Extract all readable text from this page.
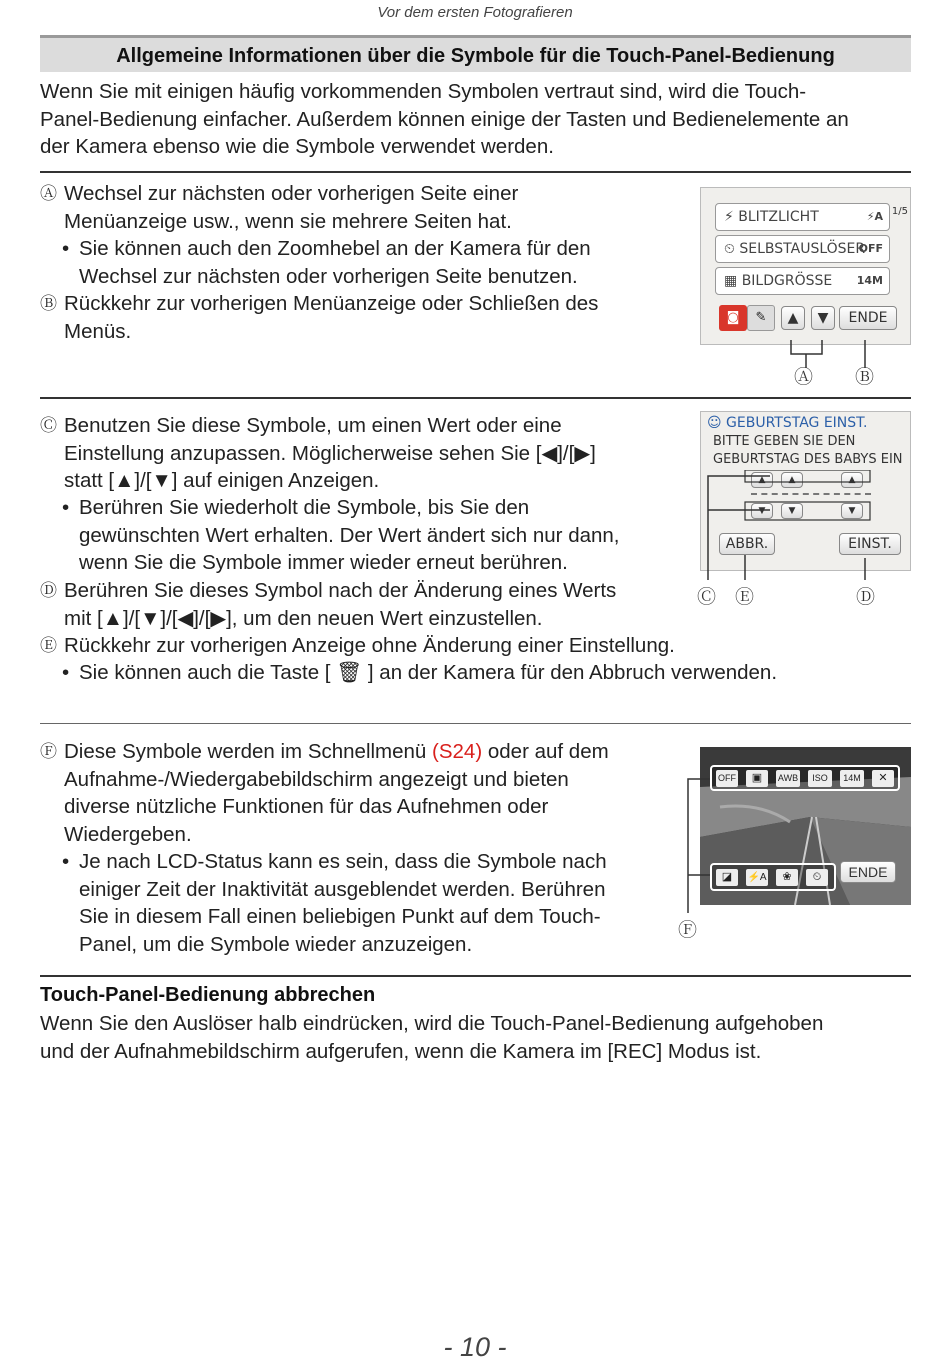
Vor dem ersten Fotografieren
Allgemeine Informationen über die Symbole für die Touch-Panel-Bedienung
Wenn Sie mit einigen häufig vorkommenden Symbolen vertraut sind, wird die Touch-
Panel-Bedienung einfacher. Außerdem können einige der Tasten und Bedienelemente an
der Kamera ebenso wie die Symbole verwendet werden.
Ⓐ Wechsel zur nächsten oder vorherigen Seite einer
Menüanzeige usw., wenn sie mehrere Seiten hat.
• Sie können auch den Zoomhebel an der Kamera für den
Wechsel zur nächsten oder vorherigen Seite benutzen.
Ⓑ Rückkehr zur vorherigen Menüanzeige oder Schließen des
Menüs.
⚡ BLITZLICHT	⚡A 1/5
⏲ SELBSTAUSLÖSER
OFF
▦ BILDGRÖSSE 14M
◙	✎	▲	▼	ENDE
Ⓐ Ⓑ
Ⓒ Benutzen Sie diese Symbole, um einen Wert oder eine
Einstellung anzupassen. Möglicherweise sehen Sie [◀]/[▶]
statt [▲]/[▼] auf einigen Anzeigen.
• Berühren Sie wiederholt die Symbole, bis Sie den
gewünschten Wert erhalten. Der Wert ändert sich nur dann,
wenn Sie die Symbole immer wieder erneut berühren.
Ⓓ Berühren Sie dieses Symbol nach der Änderung eines Werts
mit [▲]/[▼]/[◀]/[▶], um den neuen Wert einzustellen.
Ⓔ Rückkehr zur vorherigen Anzeige ohne Änderung einer Einstellung.
• Sie können auch die Taste [ 🗑 ] an der Kamera für den Abbruch verwenden.
☺ GEBURTSTAG EINST.
BITTE GEBEN SIE DEN
GEBURTSTAG DES BABYS EIN
▲	▲	▲
▼	▼	▼
ABBR.	EINST.
Ⓒ Ⓔ	Ⓓ
Ⓕ Diese Symbole werden im Schnellmenü (S24) oder auf dem
Aufnahme-/Wiedergabebildschirm angezeigt und bieten
diverse nützliche Funktionen für das Aufnehmen oder
Wiedergeben.
• Je nach LCD-Status kann es sein, dass die Symbole nach
einiger Zeit der Inaktivität ausgeblendet werden. Berühren
Sie in diesem Fall einen beliebigen Punkt auf dem Touch-
Panel, um die Symbole wieder anzuzeigen.
OFF	▣	AWB	ISO	14M	✕
◪	⚡A	❀	⏲	ENDE
Ⓕ
Touch-Panel-Bedienung abbrechen
Wenn Sie den Auslöser halb eindrücken, wird die Touch-Panel-Bedienung aufgehoben
und der Aufnahmebildschirm aufgerufen, wenn die Kamera im [REC] Modus ist.
- 10 -
